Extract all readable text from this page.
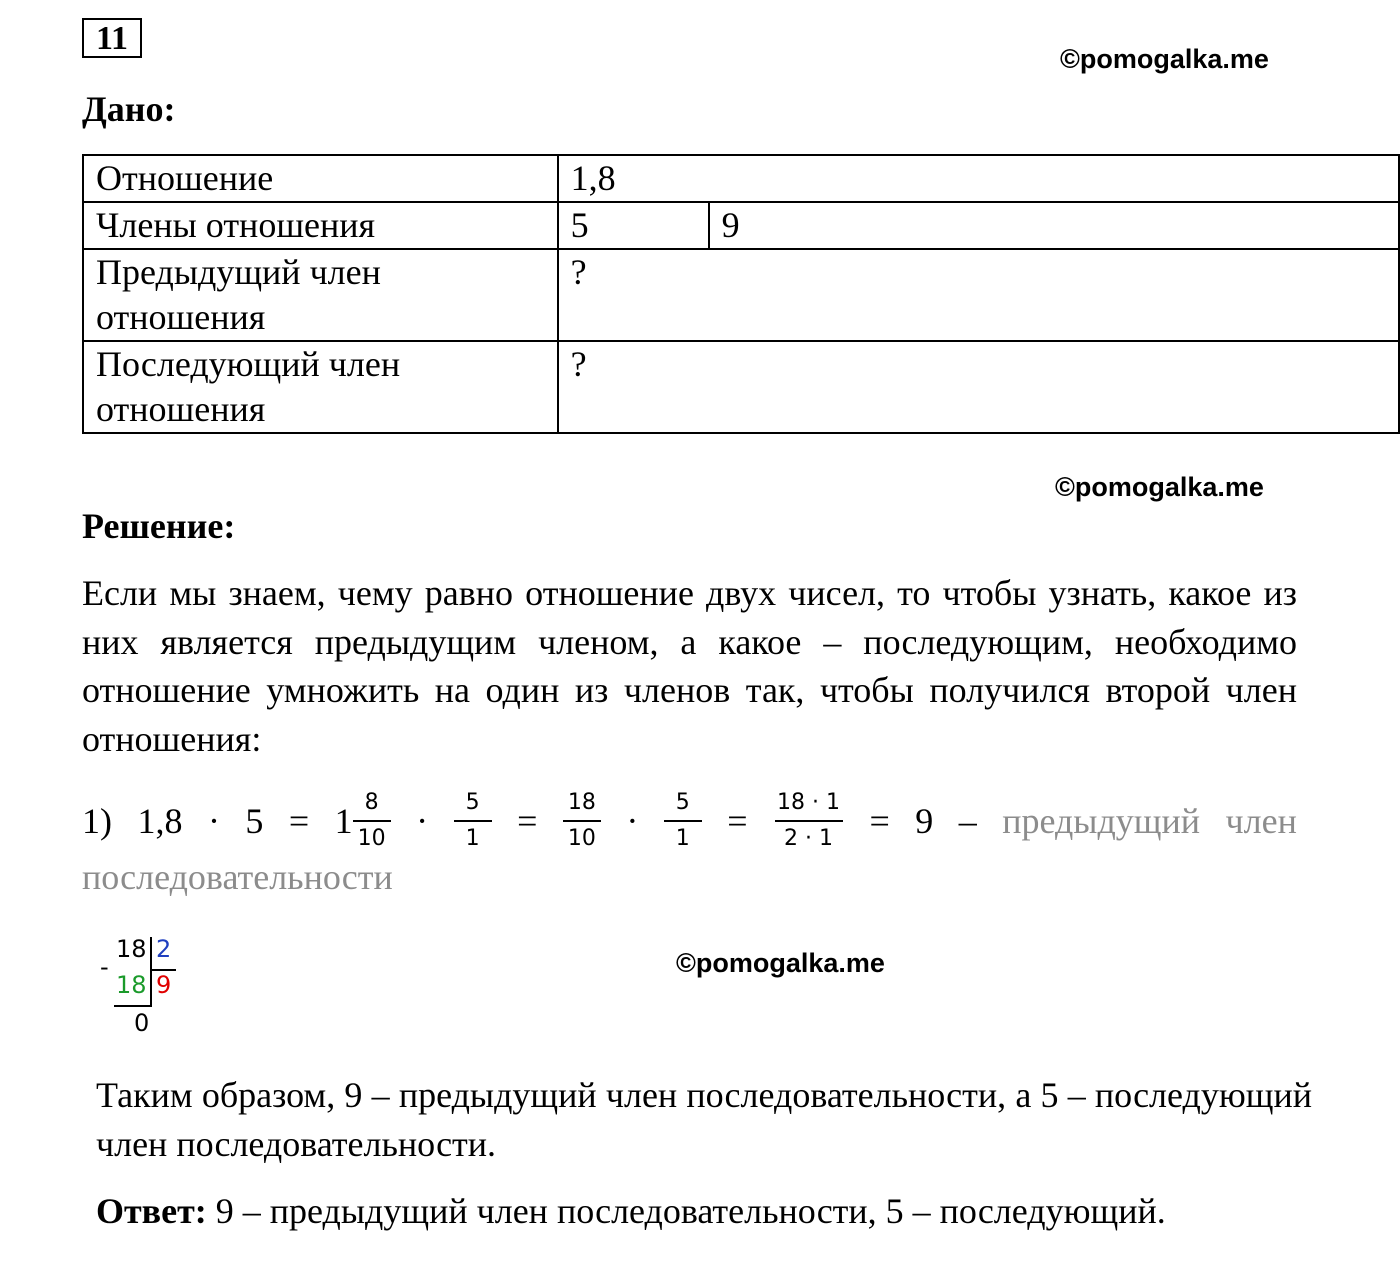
11
©pomogalka.me
Дано:
Отношение	1,8	
Члены отношения	5	9
Предыдущий член отношения	?	
Последующий член отношения	?	
©pomogalka.me
Решение:
Если мы знаем, чему равно отношение двух чисел, то чтобы узнать, какое из них является предыдущим членом, а какое – последующим, необходимо отношение умножить на один из членов так, чтобы получился второй член отношения:
1) $1,8 \cdot 5 = 1 \frac{8}{10} \cdot \frac{5}{1} = \frac{18}{10} \cdot \frac{5}{1} = \frac{18 \cdot 1}{2 \cdot 1} = 9$ – предыдущий член
последовательности
18 2
-
18 9
0
©pomogalka.me
Таким образом, 9 – предыдущий член последовательности, а 5 – последующий член последовательности.
Ответ: 9 – предыдущий член последовательности, 5 – последующий.
